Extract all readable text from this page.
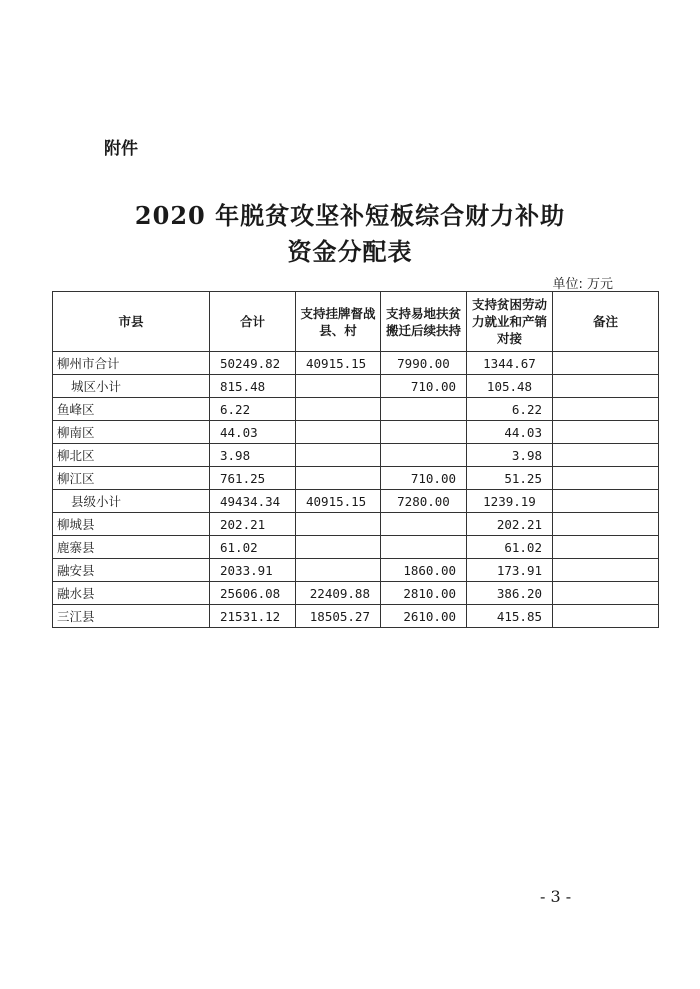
附件
2020 年脱贫攻坚补短板综合财力补助
资金分配表
单位: 万元
市县	合计	支持挂牌督战县、村	支持易地扶贫搬迁后续扶持	支持贫困劳动力就业和产销对接	备注
柳州市合计	50249.82	40915.15	7990.00	1344.67	
城区小计	815.48		710.00	105.48	
鱼峰区	6.22			6.22	
柳南区	44.03			44.03	
柳北区	3.98			3.98	
柳江区	761.25		710.00	51.25	
县级小计	49434.34	40915.15	7280.00	1239.19	
柳城县	202.21			202.21	
鹿寨县	61.02			61.02	
融安县	2033.91		1860.00	173.91	
融水县	25606.08	22409.88	2810.00	386.20	
三江县	21531.12	18505.27	2610.00	415.85	
- 3 -
